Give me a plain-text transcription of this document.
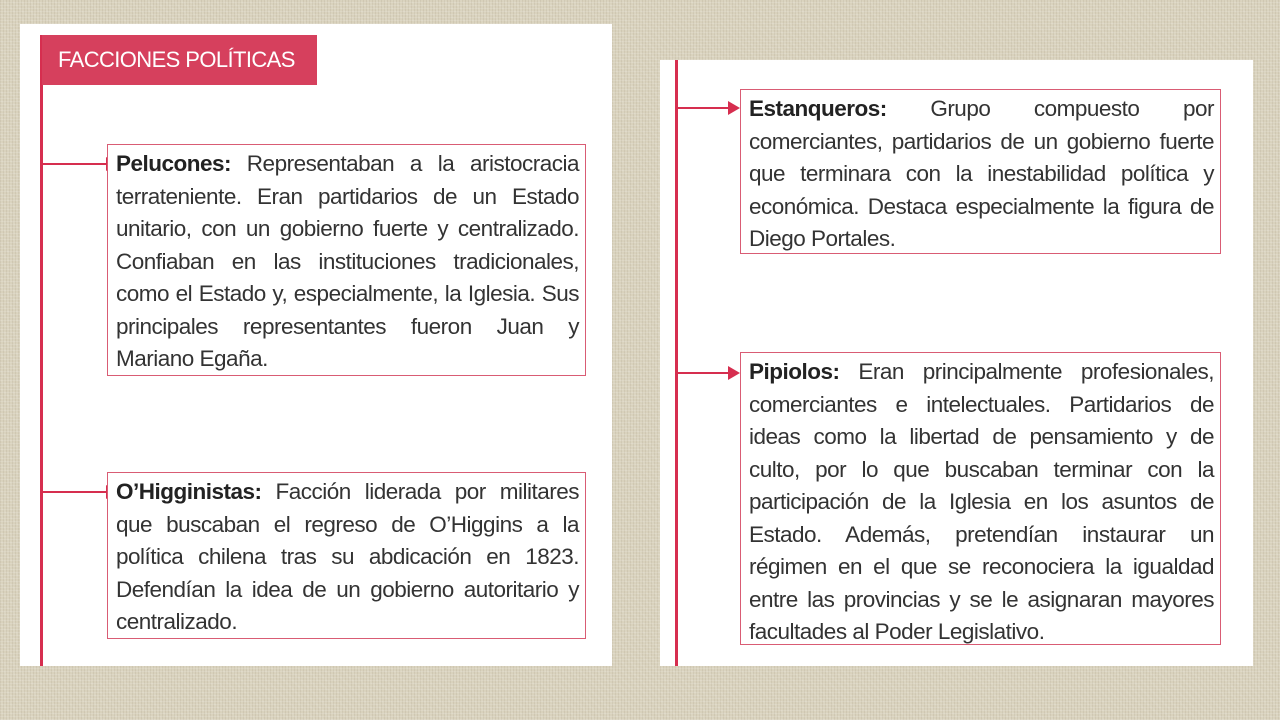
FACCIONES POLÍTICAS
Pelucones: Representaban a la aristocracia terrateniente. Eran partidarios de un Estado unitario, con un gobierno fuerte y centralizado. Confiaban en las instituciones tradicionales, como el Estado y, especialmente, la Iglesia. Sus principales representantes fueron Juan y Mariano Egaña.
O’Higginistas: Facción liderada por militares que buscaban el regreso de O’Higgins a la política chilena tras su abdicación en 1823. Defendían la idea de un gobierno autoritario y centralizado.
Estanqueros: Grupo compuesto por comerciantes, partidarios de un gobierno fuerte que terminara con la inestabilidad política y económica. Destaca especialmente la figura de Diego Portales.
Pipiolos: Eran principalmente profesionales, comerciantes e intelectuales. Partidarios de ideas como la libertad de pensamiento y de culto, por lo que buscaban terminar con la participación de la Iglesia en los asuntos de Estado. Además, pretendían instaurar un régimen en el que se reconociera la igualdad entre las provincias y se le asignaran mayores facultades al Poder Legislativo.
